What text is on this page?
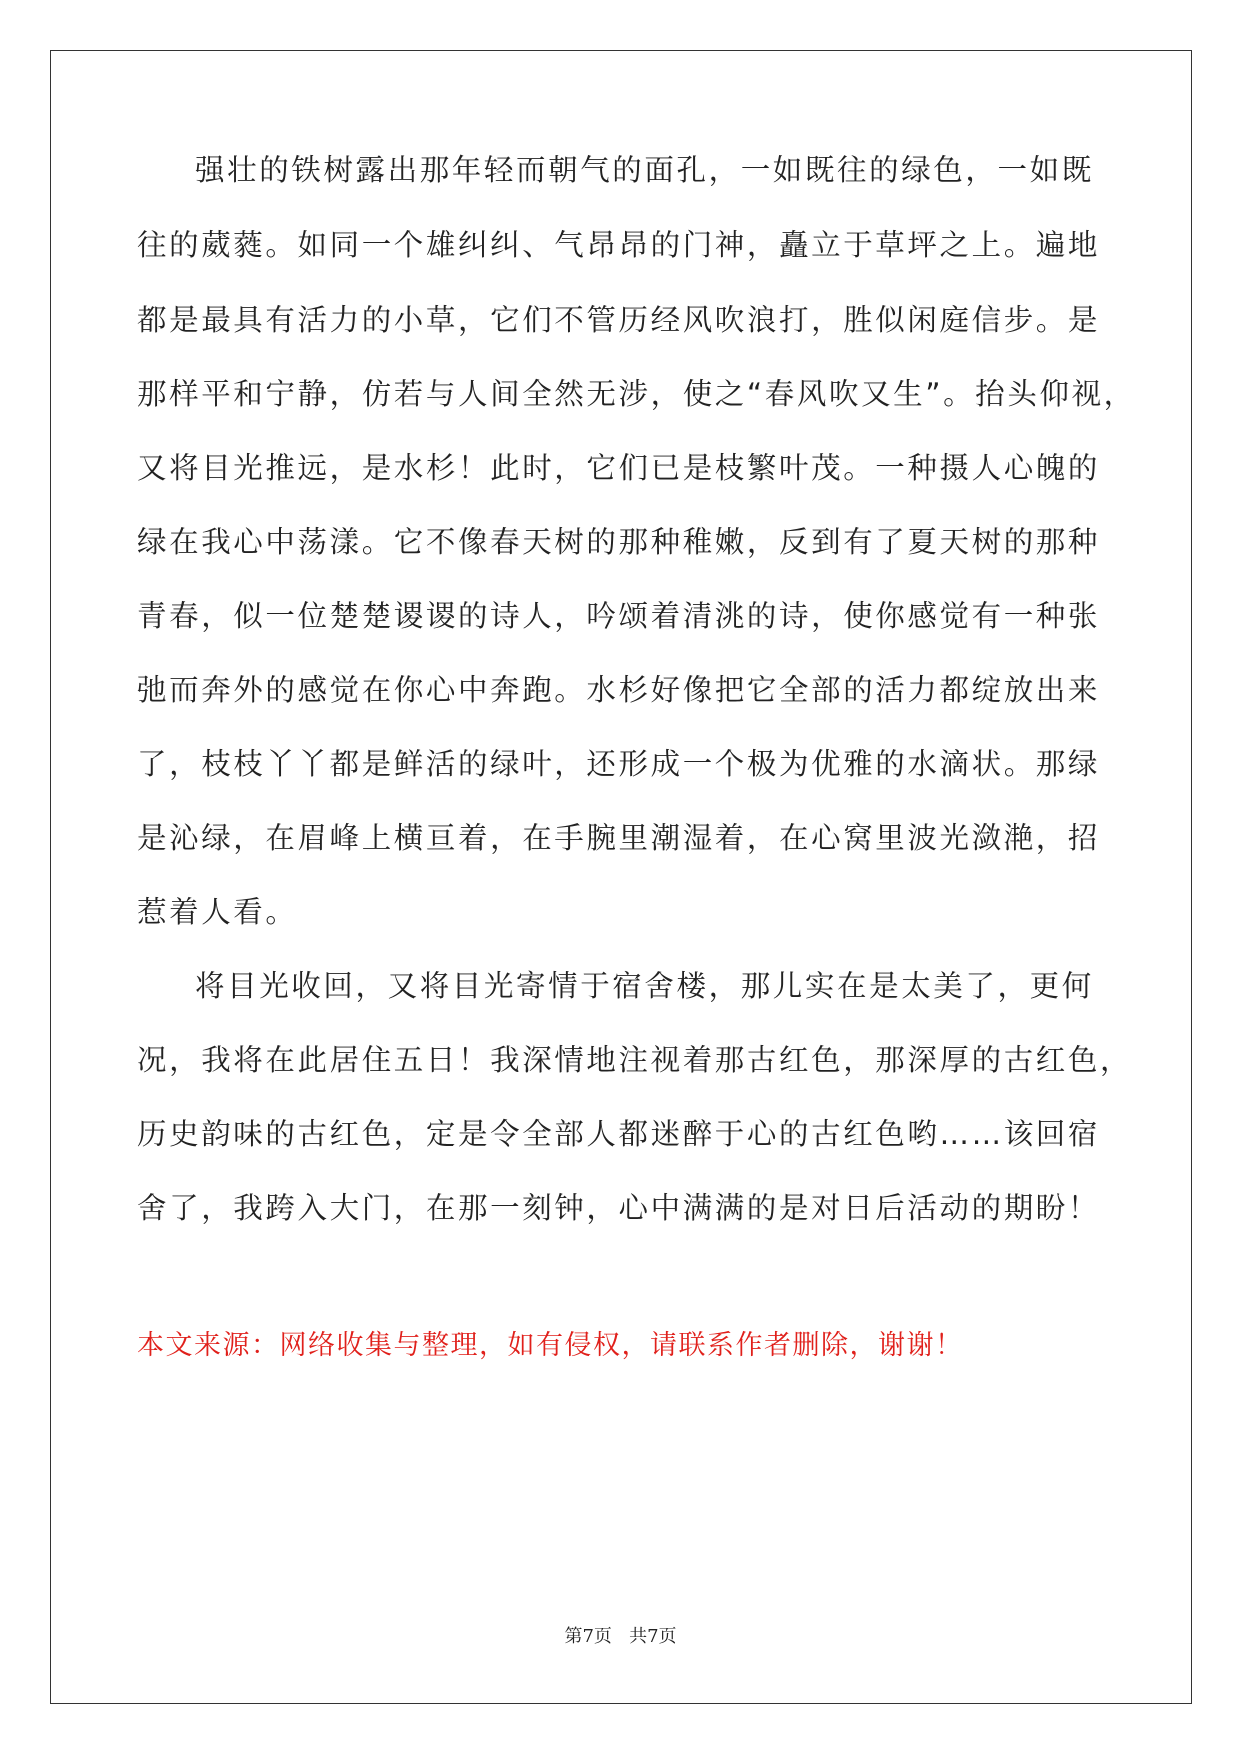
强壮的铁树露出那年轻而朝气的面孔，一如既往的绿色，一如既
往的葳蕤。如同一个雄纠纠、气昂昂的门神，矗立于草坪之上。遍地
都是最具有活力的小草，它们不管历经风吹浪打，胜似闲庭信步。是
那样平和宁静，仿若与人间全然无涉，使之“春风吹又生”。抬头仰视，
又将目光推远，是水杉！此时，它们已是枝繁叶茂。一种摄人心魄的
绿在我心中荡漾。它不像春天树的那种稚嫩，反到有了夏天树的那种
青春，似一位楚楚谡谡的诗人，吟颂着清洮的诗，使你感觉有一种张
弛而奔外的感觉在你心中奔跑。水杉好像把它全部的活力都绽放出来
了，枝枝丫丫都是鲜活的绿叶，还形成一个极为优雅的水滴状。那绿
是沁绿，在眉峰上横亘着，在手腕里潮湿着，在心窝里波光潋滟，招
惹着人看。
将目光收回，又将目光寄情于宿舍楼，那儿实在是太美了，更何
况，我将在此居住五日！我深情地注视着那古红色，那深厚的古红色，
历史韵味的古红色，定是令全部人都迷醉于心的古红色哟……该回宿
舍了，我跨入大门，在那一刻钟，心中满满的是对日后活动的期盼！
本文来源：网络收集与整理，如有侵权，请联系作者删除，谢谢！
第7页   共7页
